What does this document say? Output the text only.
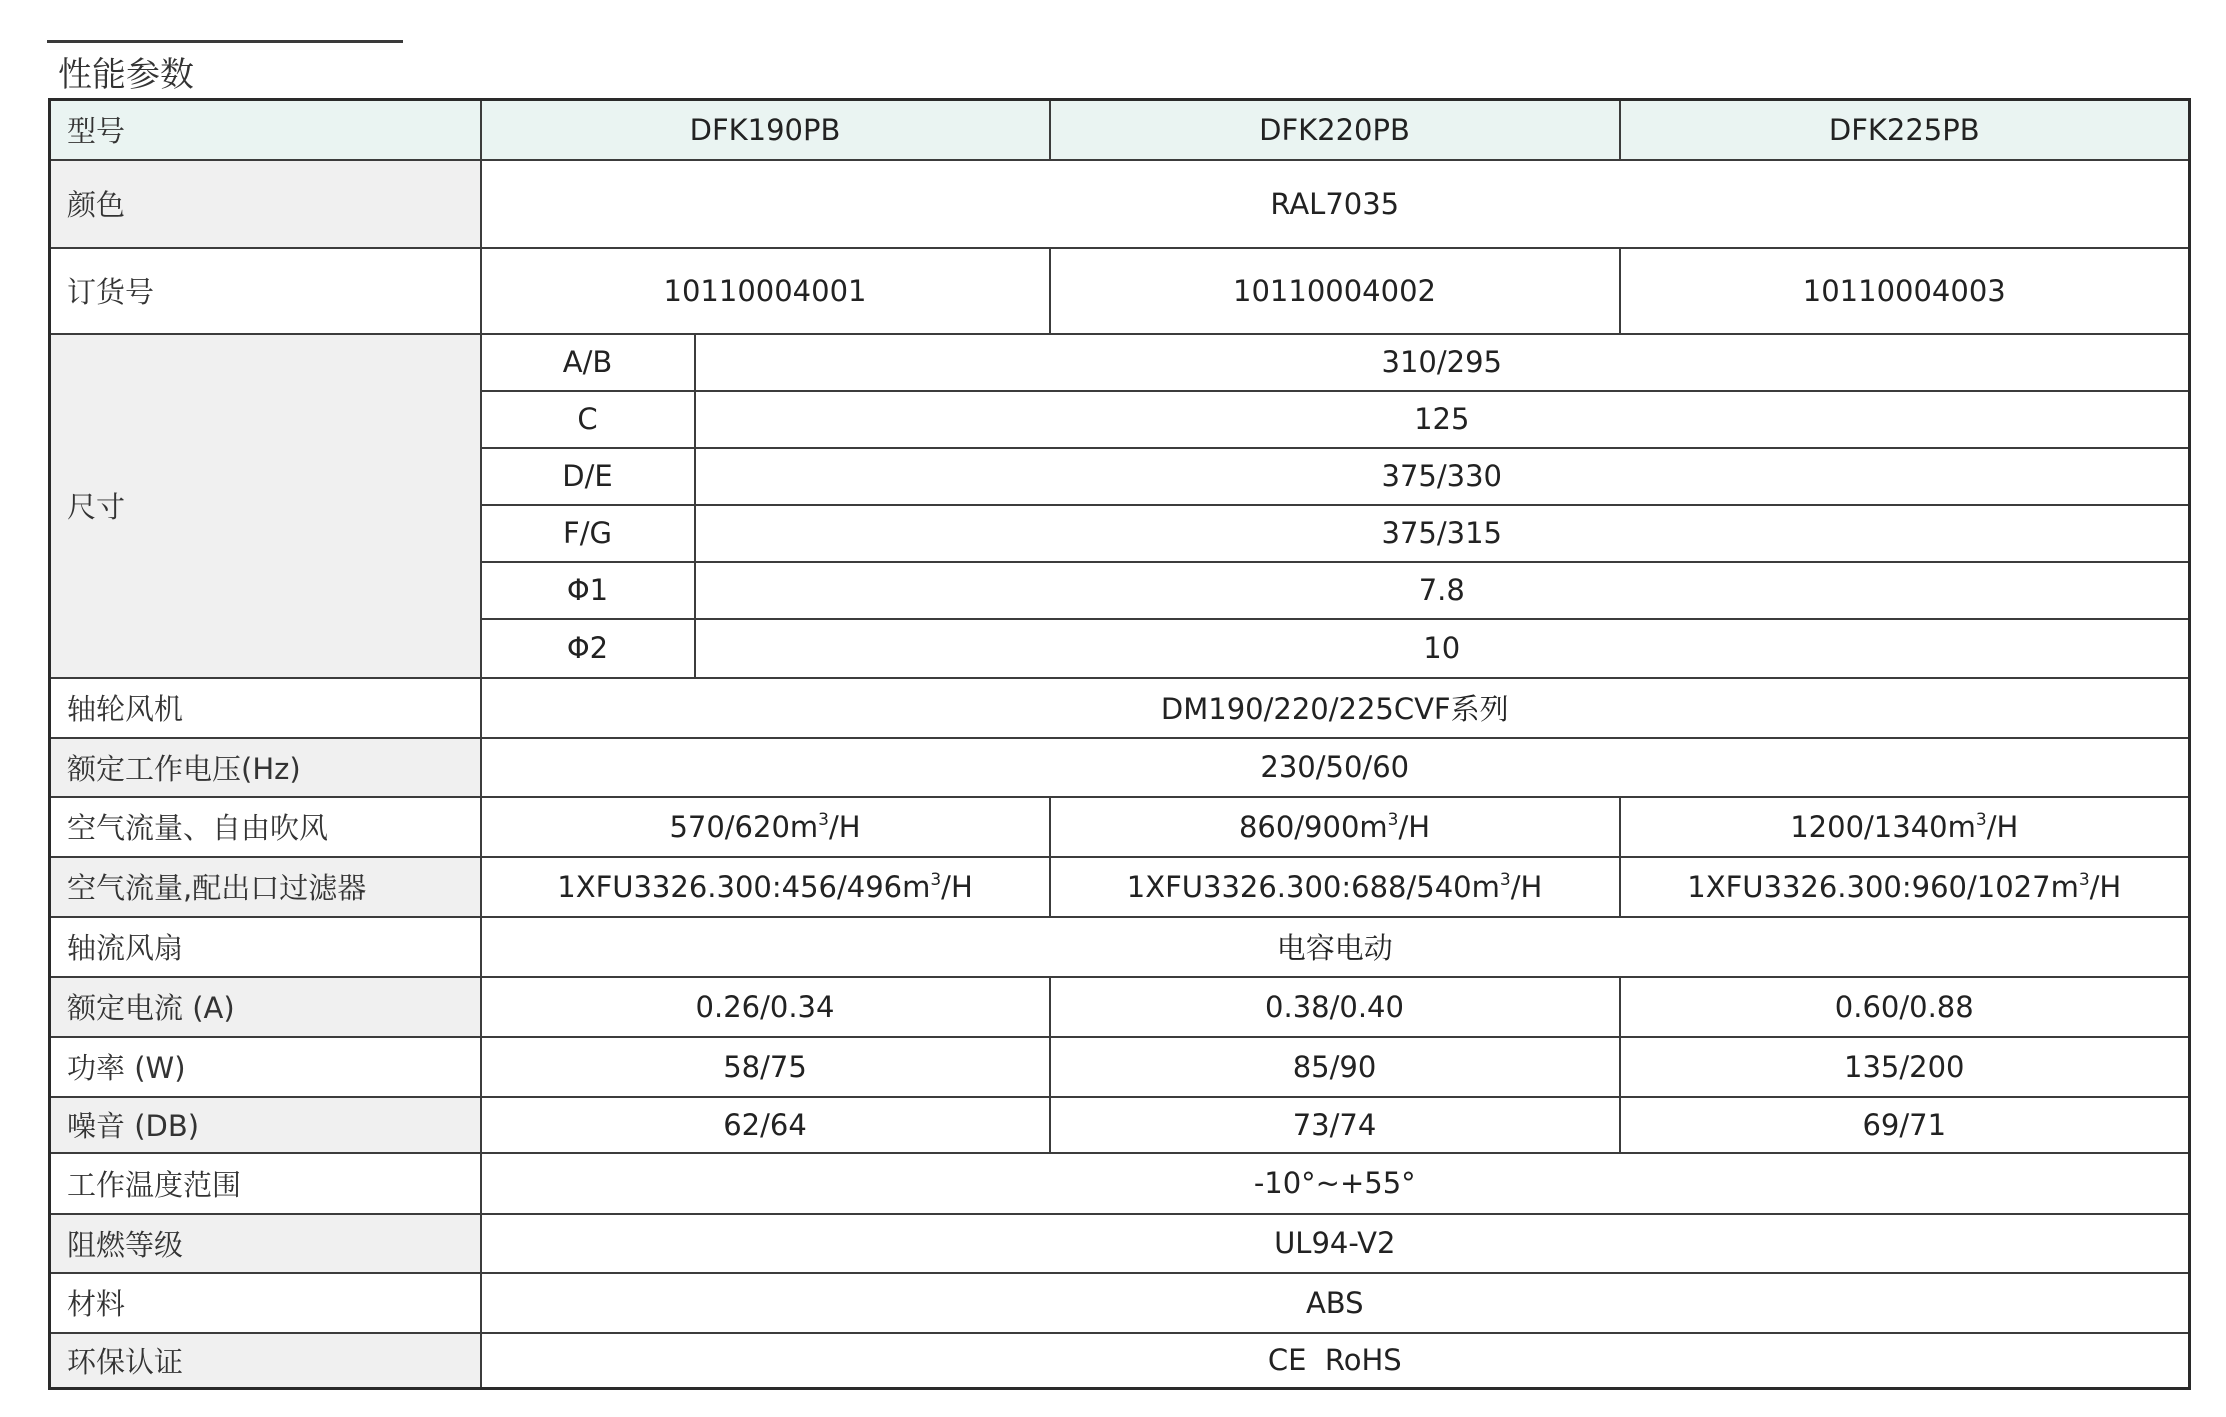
性能参数
型号	DFK190PB		DFK220PB	DFK225PB
颜色	RAL7035			
订货号	10110004001		10110004002	10110004003
尺寸	A/B	310/295		
	C	125		
	D/E	375/330		
	F/G	375/315		
	Φ1	7.8		
	Φ2	10		
轴轮风机	DM190/220/225CVF系列			
额定工作电压(Hz)	230/50/60			
空气流量、自由吹风	$570/620m^3/H$		$860/900m^3/H$	$1200/1340m^3/H$
空气流量,配出口过滤器	$1XFU3326.300:456/496m^3/H$		$1XFU3326.300:688/540m^3/H$	$1XFU3326.300:960/1027m^3/H$
轴流风扇	电容电动			
额定电流 (A)	0.26/0.34		0.38/0.40	0.60/0.88
功率 (W)	58/75		85/90	135/200
噪音 (DB)	62/64		73/74	69/71
工作温度范围	-10°~+55°			
阻燃等级	UL94-V2			
材料	ABS			
环保认证	CE  RoHS			
